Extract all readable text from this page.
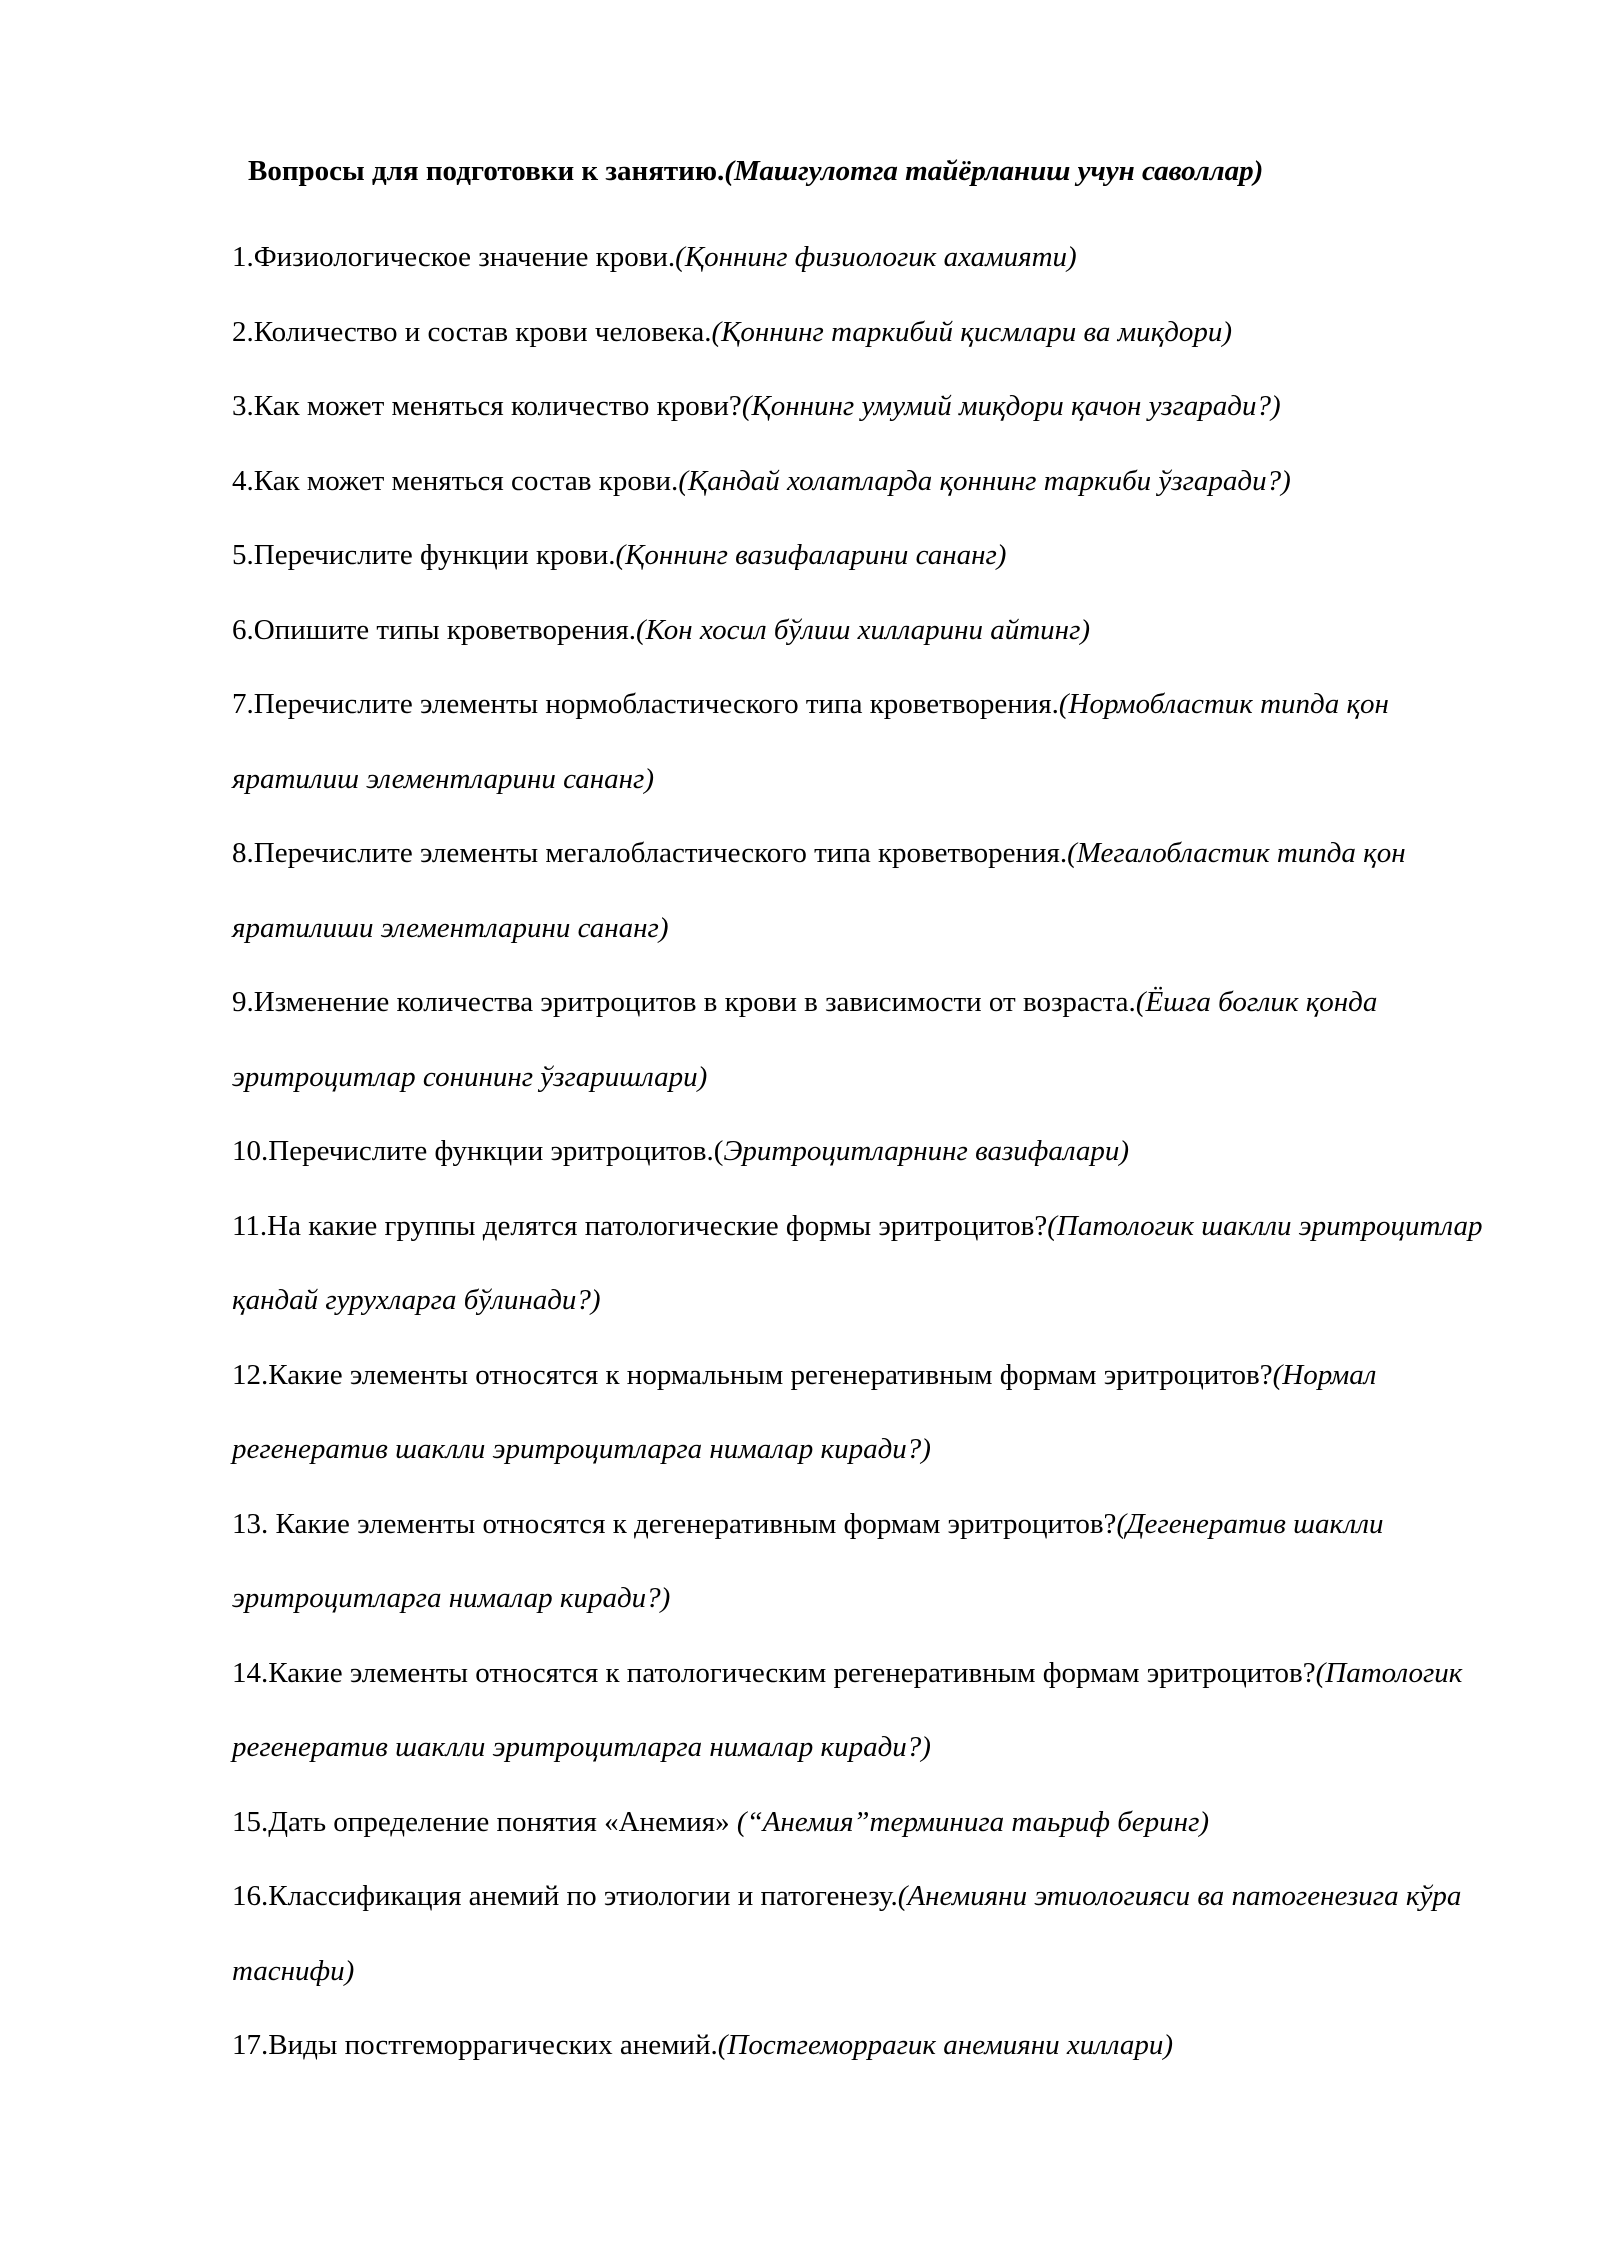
Вопросы для подготовки к занятию.(Машгулотга тайёрланиш учун саволлар)
1.Физиологическое значение крови.(Қоннинг физиологик ахамияти)
2.Количество и состав крови человека.(Қоннинг таркибий қисмлари ва миқдори)
3.Как может меняться количество крови?(Қоннинг умумий миқдори қачон узгаради?)
4.Как может меняться состав крови.(Қандай холатларда қоннинг таркиби ўзгаради?)
5.Перечислите функции крови.(Қоннинг вазифаларини сананг)
6.Опишите типы кроветворения.(Кон хосил бўлиш хилларини айтинг)
7.Перечислите элементы нормобластического типа кроветворения.(Нормобластик типда қон яратилиш элементларини сананг)
8.Перечислите элементы мегалобластического типа кроветворения.(Мегалобластик типда қон яратилиши элементларини сананг)
9.Изменение количества эритроцитов в крови в зависимости от возраста.(Ёшга боглик қонда эритроцитлар сонининг ўзгаришлари)
10.Перечислите функции эритроцитов.(Эритроцитларнинг вазифалари)
11.На какие группы делятся патологические формы эритроцитов?(Патологик шаклли эритроцитлар қандай гурухларга бўлинади?)
12.Какие элементы относятся к нормальным регенеративным формам эритроцитов?(Нормал регенератив шаклли эритроцитларга нималар киради?)
13. Какие элементы относятся к дегенеративным формам эритроцитов?(Дегенератив шаклли эритроцитларга нималар киради?)
14.Какие элементы относятся к патологическим регенеративным формам эритроцитов?(Патологик регенератив шаклли эритроцитларга нималар киради?)
15.Дать определение понятия «Анемия» (“Анемия”терминига таьриф беринг)
16.Классификация анемий по этиологии и патогенезу.(Анемияни этиологияси ва патогенезига кўра таснифи)
17.Виды постгеморрагических анемий.(Постгеморрагик анемияни хиллари)
